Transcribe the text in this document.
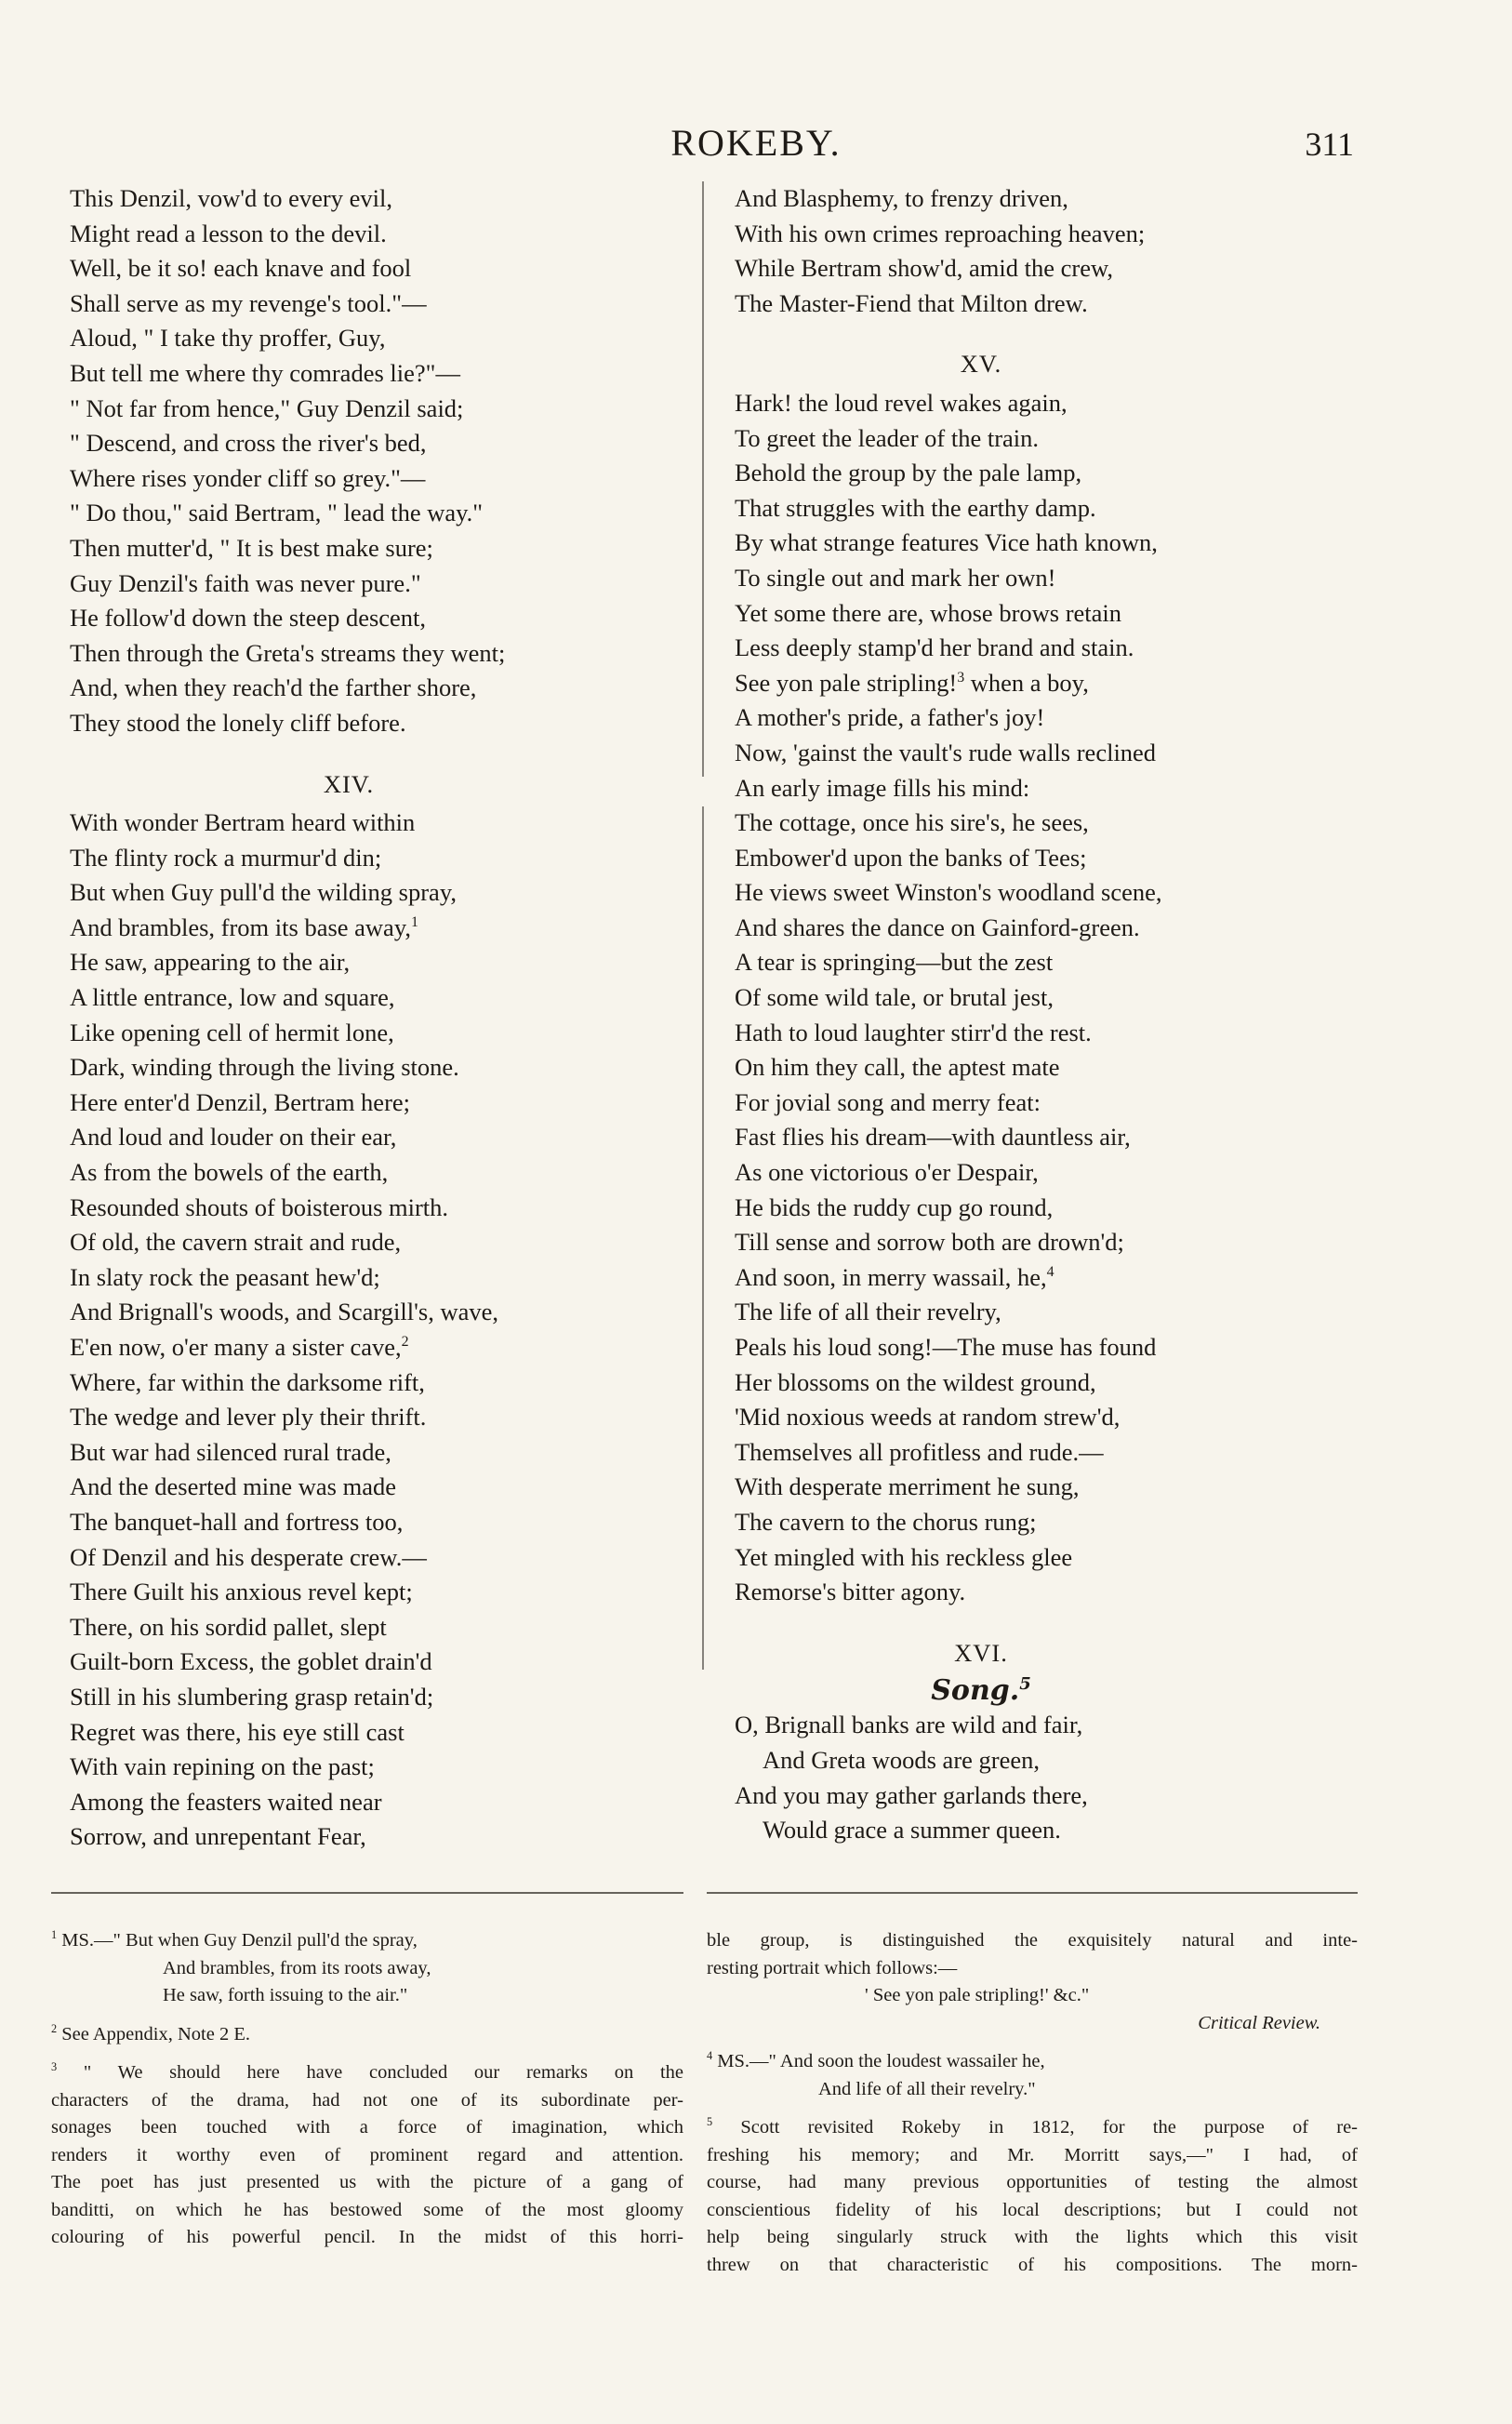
ROKEBY.	311
This Denzil, vow'd to every evil,
Might read a lesson to the devil.
Well, be it so! each knave and fool
Shall serve as my revenge's tool."—
Aloud, " I take thy proffer, Guy,
But tell me where thy comrades lie?"—
" Not far from hence," Guy Denzil said;
" Descend, and cross the river's bed,
Where rises yonder cliff so grey."—
" Do thou," said Bertram, " lead the way."
Then mutter'd, " It is best make sure;
Guy Denzil's faith was never pure."
He follow'd down the steep descent,
Then through the Greta's streams they went;
And, when they reach'd the farther shore,
They stood the lonely cliff before.
XIV.
With wonder Bertram heard within
The flinty rock a murmur'd din;
But when Guy pull'd the wilding spray,
And brambles, from its base away,$^1$
He saw, appearing to the air,
A little entrance, low and square,
Like opening cell of hermit lone,
Dark, winding through the living stone.
Here enter'd Denzil, Bertram here;
And loud and louder on their ear,
As from the bowels of the earth,
Resounded shouts of boisterous mirth.
Of old, the cavern strait and rude,
In slaty rock the peasant hew'd;
And Brignall's woods, and Scargill's, wave,
E'en now, o'er many a sister cave,$^2$
Where, far within the darksome rift,
The wedge and lever ply their thrift.
But war had silenced rural trade,
And the deserted mine was made
The banquet-hall and fortress too,
Of Denzil and his desperate crew.—
There Guilt his anxious revel kept;
There, on his sordid pallet, slept
Guilt-born Excess, the goblet drain'd
Still in his slumbering grasp retain'd;
Regret was there, his eye still cast
With vain repining on the past;
Among the feasters waited near
Sorrow, and unrepentant Fear,
And Blasphemy, to frenzy driven,
With his own crimes reproaching heaven;
While Bertram show'd, amid the crew,
The Master-Fiend that Milton drew.
XV.
Hark! the loud revel wakes again,
To greet the leader of the train.
Behold the group by the pale lamp,
That struggles with the earthy damp.
By what strange features Vice hath known,
To single out and mark her own!
Yet some there are, whose brows retain
Less deeply stamp'd her brand and stain.
See yon pale stripling!$^3$ when a boy,
A mother's pride, a father's joy!
Now, 'gainst the vault's rude walls reclined
An early image fills his mind:
The cottage, once his sire's, he sees,
Embower'd upon the banks of Tees;
He views sweet Winston's woodland scene,
And shares the dance on Gainford-green.
A tear is springing—but the zest
Of some wild tale, or brutal jest,
Hath to loud laughter stirr'd the rest.
On him they call, the aptest mate
For jovial song and merry feat:
Fast flies his dream—with dauntless air,
As one victorious o'er Despair,
He bids the ruddy cup go round,
Till sense and sorrow both are drown'd;
And soon, in merry wassail, he,$^4$
The life of all their revelry,
Peals his loud song!—The muse has found
Her blossoms on the wildest ground,
'Mid noxious weeds at random strew'd,
Themselves all profitless and rude.—
With desperate merriment he sung,
The cavern to the chorus rung;
Yet mingled with his reckless glee
Remorse's bitter agony.
XVI.
Song.$^5$
O, Brignall banks are wild and fair,
And Greta woods are green,
And you may gather garlands there,
Would grace a summer queen.
$^1$ MS.—" But when Guy Denzil pull'd the spray,
And brambles, from its roots away,
He saw, forth issuing to the air."
$^2$ See Appendix, Note 2 E.
$^3$ " We should here have concluded our remarks on the
characters of the drama, had not one of its subordinate per-
sonages been touched with a force of imagination, which
renders it worthy even of prominent regard and attention.
The poet has just presented us with the picture of a gang of
banditti, on which he has bestowed some of the most gloomy
colouring of his powerful pencil. In the midst of this horri-
ble group, is distinguished the exquisitely natural and inte-
resting portrait which follows:—
' See yon pale stripling!' &c."
Critical Review.
$^4$ MS.—" And soon the loudest wassailer he,
And life of all their revelry."
$^5$ Scott revisited Rokeby in 1812, for the purpose of re-
freshing his memory; and Mr. Morritt says,—" I had, of
course, had many previous opportunities of testing the almost
conscientious fidelity of his local descriptions; but I could not
help being singularly struck with the lights which this visit
threw on that characteristic of his compositions. The morn-
